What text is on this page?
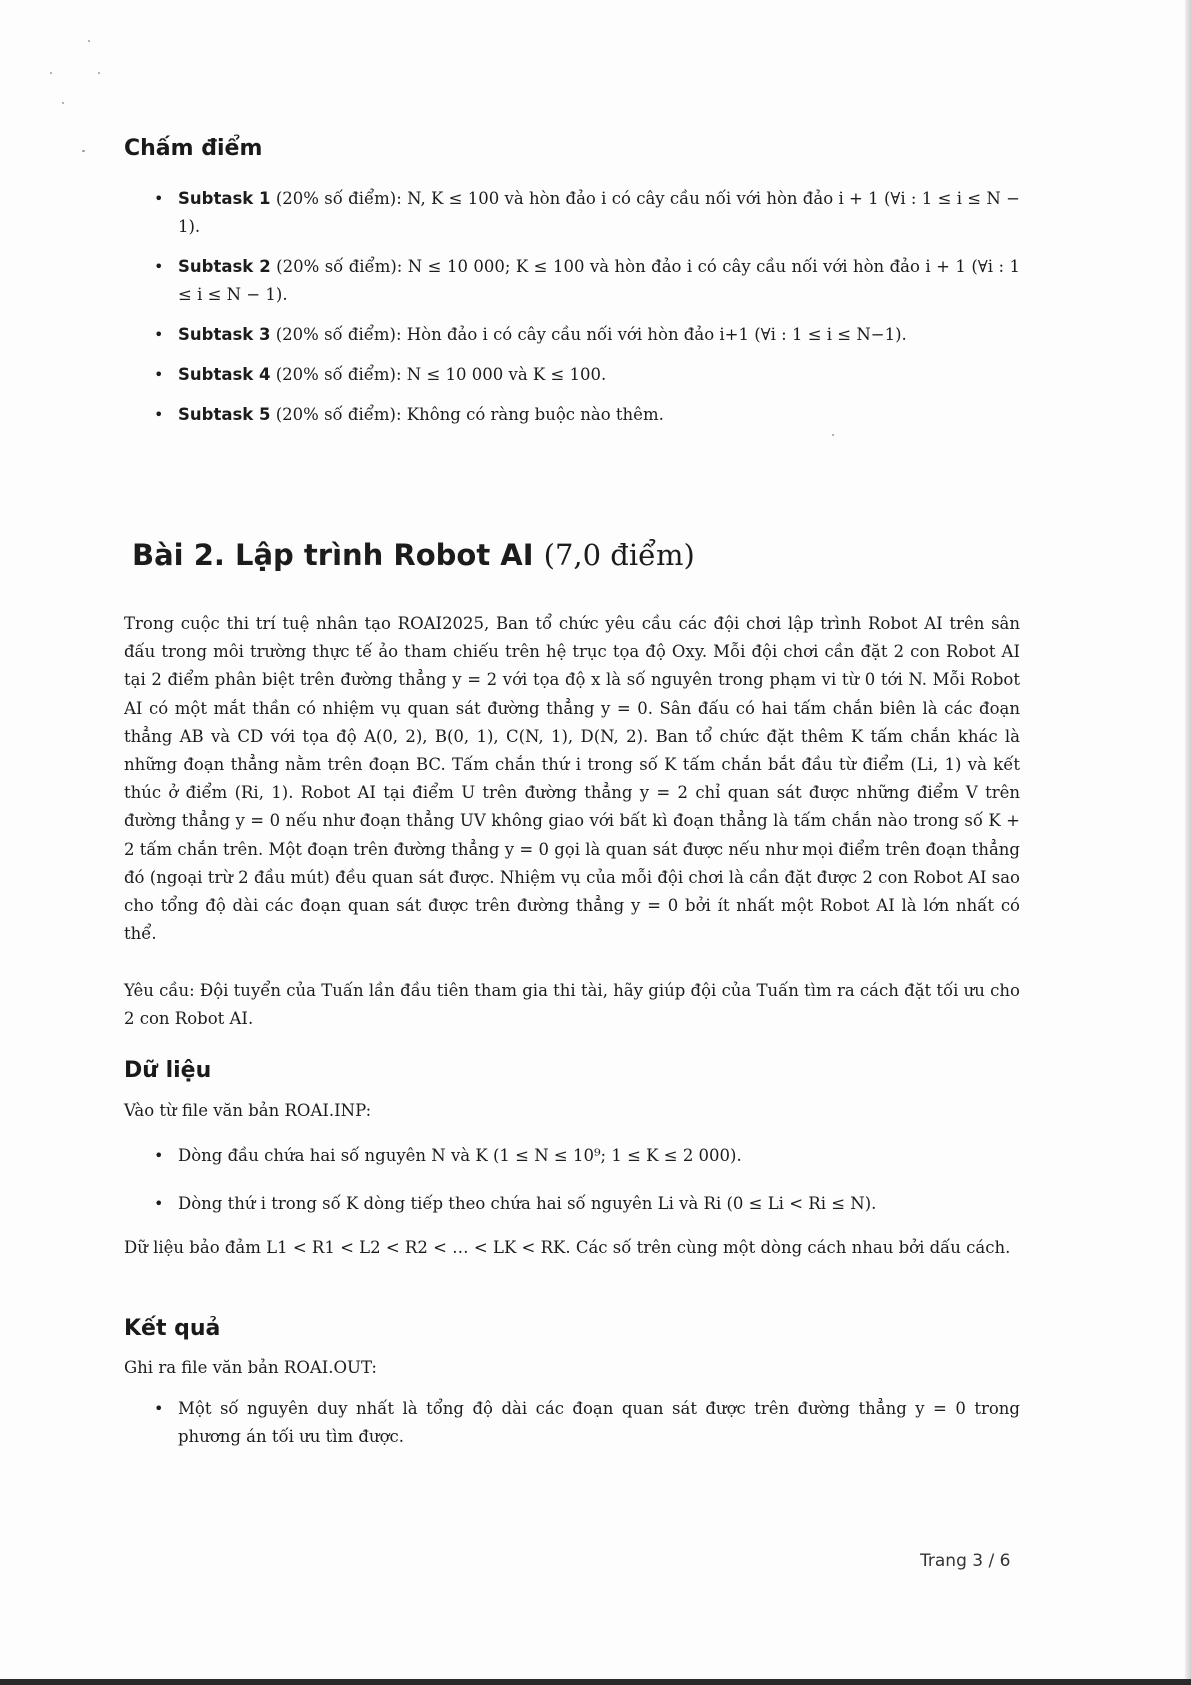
Chấm điểm
• Subtask 1 (20% số điểm): N, K ≤ 100 và hòn đảo i có cây cầu nối với hòn đảo i + 1 (∀i : 1 ≤ i ≤ N − 1).
• Subtask 2 (20% số điểm): N ≤ 10 000; K ≤ 100 và hòn đảo i có cây cầu nối với hòn đảo i + 1 (∀i : 1 ≤ i ≤ N − 1).
• Subtask 3 (20% số điểm): Hòn đảo i có cây cầu nối với hòn đảo i+1 (∀i : 1 ≤ i ≤ N−1).
• Subtask 4 (20% số điểm): N ≤ 10 000 và K ≤ 100.
• Subtask 5 (20% số điểm): Không có ràng buộc nào thêm.
Bài 2. Lập trình Robot AI (7,0 điểm)

Trong cuộc thi trí tuệ nhân tạo ROAI2025, Ban tổ chức yêu cầu các đội chơi lập trình Robot AI trên sân đấu trong môi trường thực tế ảo tham chiếu trên hệ trục tọa độ Oxy. Mỗi đội chơi cần đặt 2 con Robot AI tại 2 điểm phân biệt trên đường thẳng y = 2 với tọa độ x là số nguyên trong phạm vi từ 0 tới N. Mỗi Robot AI có một mắt thần có nhiệm vụ quan sát đường thẳng y = 0. Sân đấu có hai tấm chắn biên là các đoạn thẳng AB và CD với tọa độ A(0, 2), B(0, 1), C(N, 1), D(N, 2). Ban tổ chức đặt thêm K tấm chắn khác là những đoạn thẳng nằm trên đoạn BC. Tấm chắn thứ i trong số K tấm chắn bắt đầu từ điểm (Li, 1) và kết thúc ở điểm (Ri, 1). Robot AI tại điểm U trên đường thẳng y = 2 chỉ quan sát được những điểm V trên đường thẳng y = 0 nếu như đoạn thẳng UV không giao với bất kì đoạn thẳng là tấm chắn nào trong số K + 2 tấm chắn trên. Một đoạn trên đường thẳng y = 0 gọi là quan sát được nếu như mọi điểm trên đoạn thẳng đó (ngoại trừ 2 đầu mút) đều quan sát được. Nhiệm vụ của mỗi đội chơi là cần đặt được 2 con Robot AI sao cho tổng độ dài các đoạn quan sát được trên đường thẳng y = 0 bởi ít nhất một Robot AI là lớn nhất có thể.

Yêu cầu: Đội tuyển của Tuấn lần đầu tiên tham gia thi tài, hãy giúp đội của Tuấn tìm ra cách đặt tối ưu cho 2 con Robot AI.

Dữ liệu

Vào từ file văn bản ROAI.INP:

• Dòng đầu chứa hai số nguyên N và K (1 ≤ N ≤ 10⁹; 1 ≤ K ≤ 2 000).
• Dòng thứ i trong số K dòng tiếp theo chứa hai số nguyên Li và Ri (0 ≤ Li < Ri ≤ N).

Dữ liệu bảo đảm L1 < R1 < L2 < R2 < … < LK < RK. Các số trên cùng một dòng cách nhau bởi dấu cách.

Kết quả

Ghi ra file văn bản ROAI.OUT:

• Một số nguyên duy nhất là tổng độ dài các đoạn quan sát được trên đường thẳng y = 0 trong phương án tối ưu tìm được.
Trang 3 / 6
